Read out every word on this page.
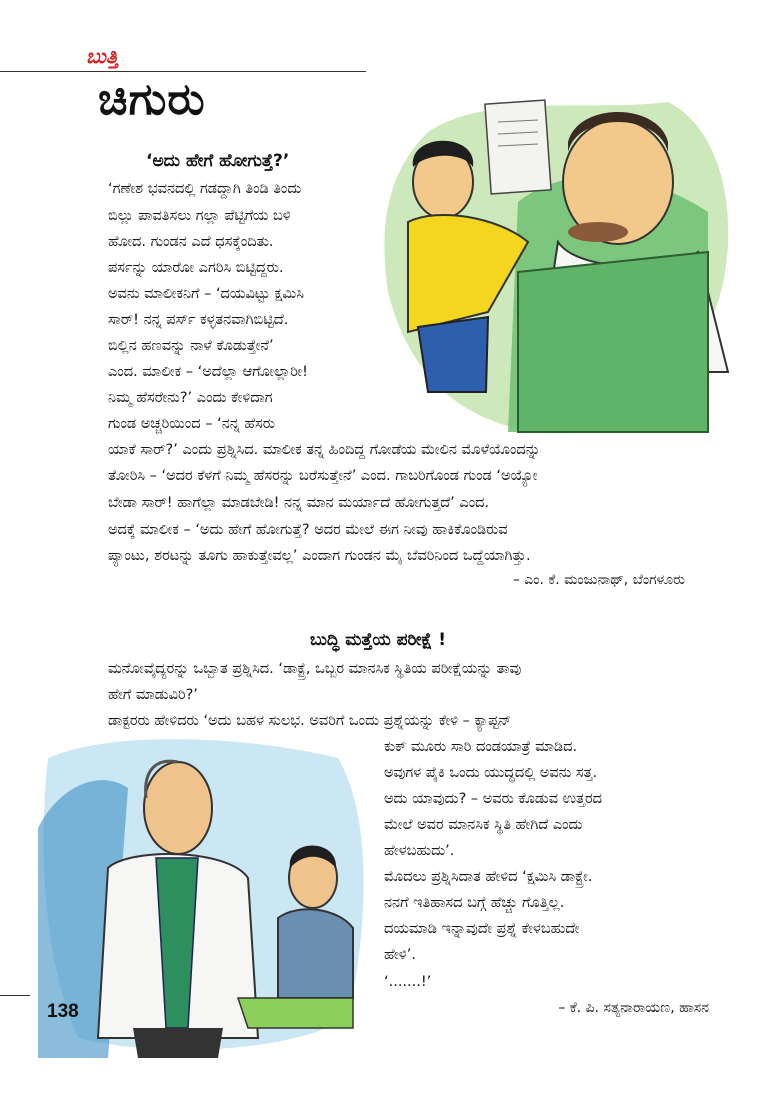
ಬುತ್ತಿ
ಚಿಗುರು
‘ಅದು ಹೇಗೆ ಹೋಗುತ್ತೆ?’
‘ಗಣೇಶ ಭವನದಲ್ಲಿ ಗಡದ್ದಾಗಿ ತಿಂಡಿ ತಿಂದು
ಬಿಲ್ಲು ಪಾವತಿಸಲು ಗಲ್ಲಾ ಪೆಟ್ಟಿಗೆಯ ಬಳಿ
ಹೋದ. ಗುಂಡನ ಎದೆ ಧಸಕ್ಕೆಂದಿತು.
ಪರ್ಸನ್ನು ಯಾರೋ ಎಗರಿಸಿ ಬಿಟ್ಟಿದ್ದರು.
ಅವನು ಮಾಲೀಕನಿಗೆ – ‘ದಯವಿಟ್ಟು ಕ್ಷಮಿಸಿ
ಸಾರ್! ನನ್ನ ಪರ್ಸ್ ಕಳ್ಳತನವಾಗಿಬಿಟ್ಟಿದೆ.
ಬಿಲ್ಲಿನ ಹಣವನ್ನು ನಾಳೆ ಕೊಡುತ್ತೇನೆ’
ಎಂದ. ಮಾಲೀಕ – ‘ಅದೆಲ್ಲಾ ಆಗೋಲ್ಲಾರೀ!
ನಿಮ್ಮ ಹೆಸರೇನು?’ ಎಂದು ಕೇಳಿದಾಗ
ಗುಂಡ ಅಚ್ಚರಿಯಿಂದ – ‘ನನ್ನ ಹೆಸರು
ಯಾಕೆ ಸಾರ್?’ ಎಂದು ಪ್ರಶ್ನಿಸಿದ. ಮಾಲೀಕ ತನ್ನ ಹಿಂದಿದ್ದ ಗೋಡೆಯ ಮೇಲಿನ ಮೊಳೆಯೊಂದನ್ನು
ತೋರಿಸಿ – ‘ಅದರ ಕೆಳಗೆ ನಿಮ್ಮ ಹೆಸರನ್ನು ಬರೆಸುತ್ತೇನೆ’ ಎಂದ. ಗಾಬರಿಗೊಂಡ ಗುಂಡ ‘ಅಯ್ಯೋ
ಬೇಡಾ ಸಾರ್! ಹಾಗೆಲ್ಲಾ ಮಾಡಬೇಡಿ! ನನ್ನ ಮಾನ ಮರ್ಯಾದೆ ಹೋಗುತ್ತದೆ’ ಎಂದ.
ಅದಕ್ಕೆ ಮಾಲೀಕ – ‘ಅದು ಹೇಗೆ ಹೋಗುತ್ತೆ? ಅದರ ಮೇಲೆ ಈಗ ನೀವು ಹಾಕಿಕೊಂಡಿರುವ
ಪ್ಯಾಂಟು, ಶರಟನ್ನು ತೂಗು ಹಾಕುತ್ತೇವಲ್ಲ’ ಎಂದಾಗ ಗುಂಡನ ಮೈ ಬೆವರಿನಿಂದ ಒದ್ದೆಯಾಗಿತ್ತು.
– ಎಂ. ಕೆ. ಮಂಜುನಾಥ್, ಬೆಂಗಳೂರು
ಬುದ್ಧಿ ಮತ್ತೆಯ ಪರೀಕ್ಷೆ !
ಮನೋವೈದ್ಯರನ್ನು ಒಬ್ಬಾತ ಪ್ರಶ್ನಿಸಿದ. ‘ಡಾಕ್ಟ್ರೆ, ಒಬ್ಬರ ಮಾನಸಿಕ ಸ್ಥಿತಿಯ ಪರೀಕ್ಷೆಯನ್ನು ತಾವು
ಹೇಗೆ ಮಾಡುವಿರಿ?’
ಡಾಕ್ಟರರು ಹೇಳಿದರು ‘ಅದು ಬಹಳ ಸುಲಭ. ಅವರಿಗೆ ಒಂದು ಪ್ರಶ್ನೆಯನ್ನು ಕೇಳಿ – ಕ್ಯಾಪ್ಟನ್
ಕುಕ್ ಮೂರು ಸಾರಿ ದಂಡಯಾತ್ರೆ ಮಾಡಿದ.
ಅವುಗಳ ಪೈಕಿ ಒಂದು ಯುದ್ಧದಲ್ಲಿ ಅವನು ಸತ್ತ.
ಅದು ಯಾವುದು? – ಅವರು ಕೊಡುವ ಉತ್ತರದ
ಮೇಲೆ ಅವರ ಮಾನಸಿಕ ಸ್ಥಿತಿ ಹೇಗಿದೆ ಎಂದು
ಹೇಳಬಹುದು’.
ಮೊದಲು ಪ್ರಶ್ನಿಸಿದಾತ ಹೇಳಿದ ‘ಕ್ಷಮಿಸಿ ಡಾಕ್ಟ್ರೇ.
ನನಗೆ ಇತಿಹಾಸದ ಬಗ್ಗೆ ಹೆಚ್ಚು ಗೊತ್ತಿಲ್ಲ.
ದಯಮಾಡಿ ಇನ್ನಾವುದೇ ಪ್ರಶ್ನೆ ಕೇಳಬಹುದೇ
ಹೇಳಿ’.
‘.......!’
– ಕೆ. ಪಿ. ಸತ್ಯನಾರಾಯಣ, ಹಾಸನ
138
